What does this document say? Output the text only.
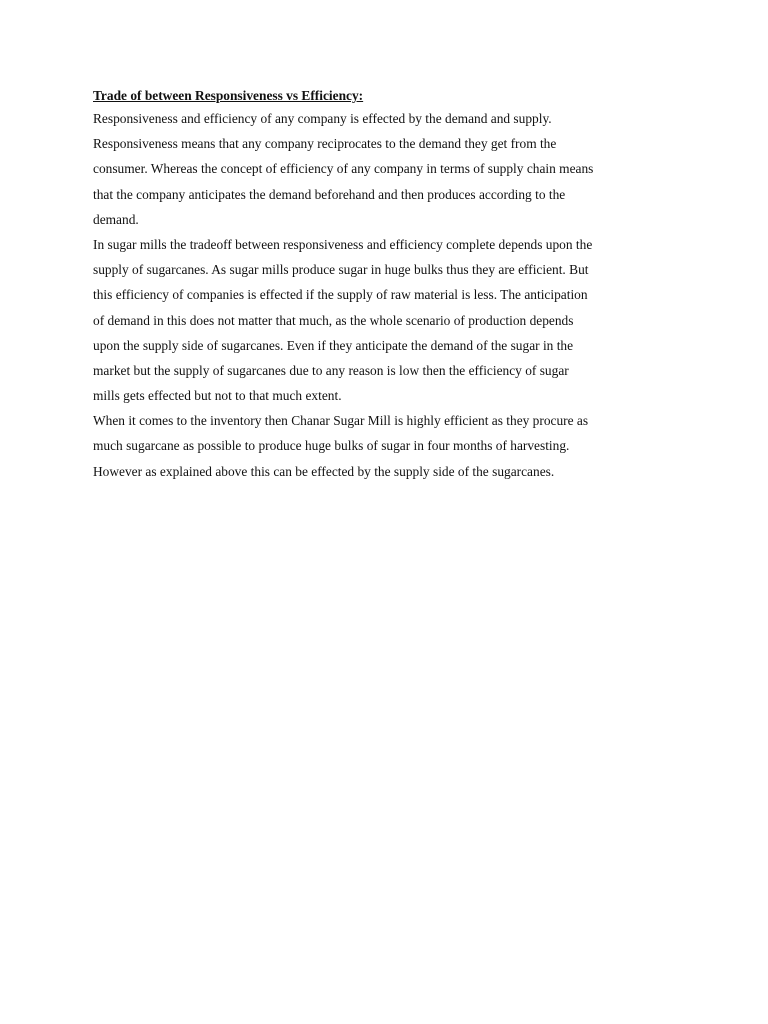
Trade of between Responsiveness vs Efficiency:
Responsiveness and efficiency of any company is effected by the demand and supply.
Responsiveness means that any company reciprocates to the demand they get from the
consumer. Whereas the concept of efficiency of any company in terms of supply chain means
that the company anticipates the demand beforehand and then produces according to the
demand.
In sugar mills the tradeoff between responsiveness and efficiency complete depends upon the
supply of sugarcanes. As sugar mills produce sugar in huge bulks thus they are efficient. But
this efficiency of companies is effected if the supply of raw material is less. The anticipation
of demand in this does not matter that much, as the whole scenario of production depends
upon the supply side of sugarcanes. Even if they anticipate the demand of the sugar in the
market but the supply of sugarcanes due to any reason is low then the efficiency of sugar
mills gets effected but not to that much extent.
When it comes to the inventory then Chanar Sugar Mill is highly efficient as they procure as
much sugarcane as possible to produce huge bulks of sugar in four months of harvesting.
However as explained above this can be effected by the supply side of the sugarcanes.
